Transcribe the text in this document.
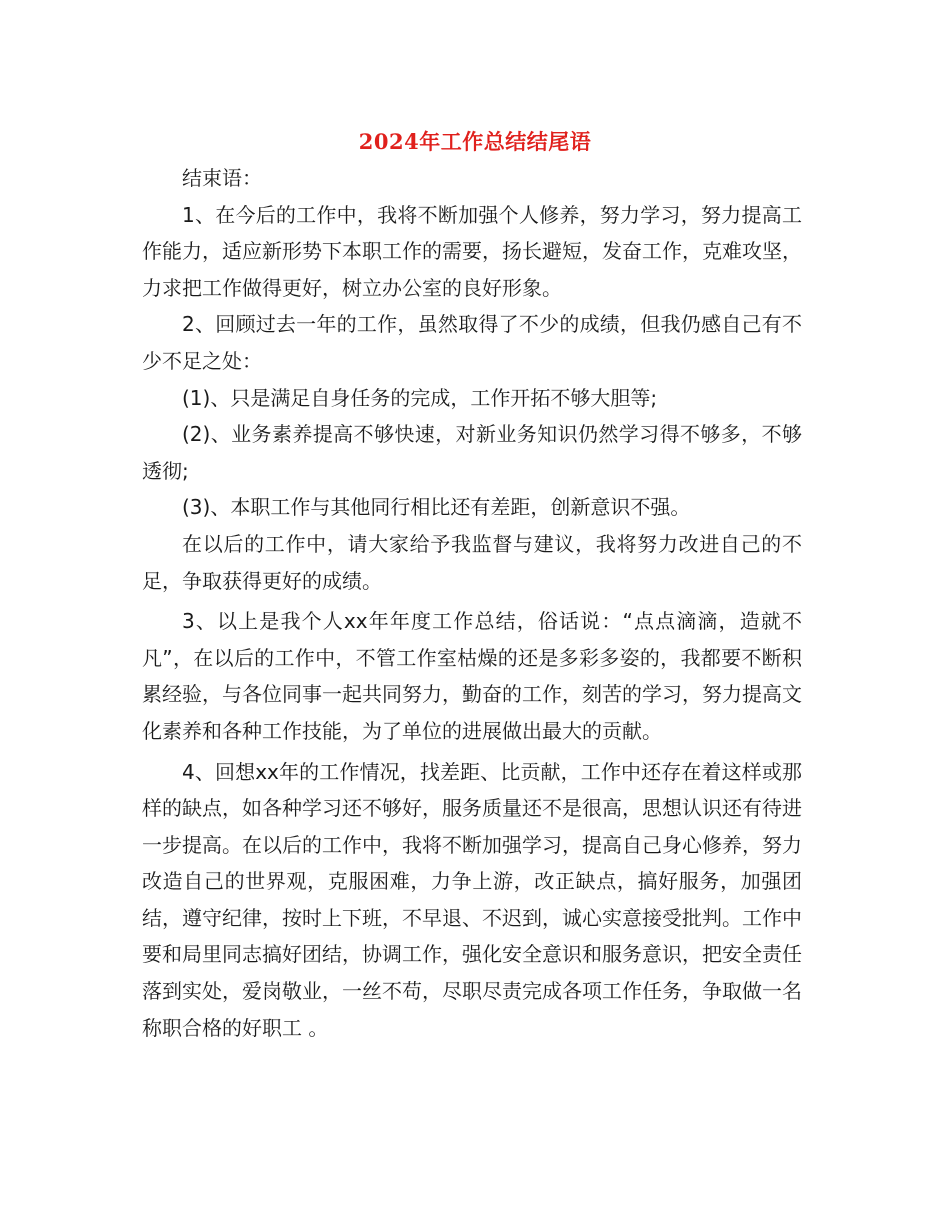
2024年工作总结结尾语

结束语：

1、在今后的工作中，我将不断加强个人修养，努力学习，努力提高工作能力，适应新形势下本职工作的需要，扬长避短，发奋工作，克难攻坚，力求把工作做得更好，树立办公室的良好形象。

2、回顾过去一年的工作，虽然取得了不少的成绩，但我仍感自己有不少不足之处：

(1)、只是满足自身任务的完成，工作开拓不够大胆等;

(2)、业务素养提高不够快速，对新业务知识仍然学习得不够多，不够透彻;

(3)、本职工作与其他同行相比还有差距，创新意识不强。

在以后的工作中，请大家给予我监督与建议，我将努力改进自己的不足，争取获得更好的成绩。

3、以上是我个人xx年年度工作总结，俗话说：“点点滴滴，造就不凡”，在以后的工作中，不管工作室枯燥的还是多彩多姿的，我都要不断积累经验，与各位同事一起共同努力，勤奋的工作，刻苦的学习，努力提高文化素养和各种工作技能，为了单位的进展做出最大的贡献。

4、回想xx年的工作情况，找差距、比贡献，工作中还存在着这样或那样的缺点，如各种学习还不够好，服务质量还不是很高，思想认识还有待进一步提高。在以后的工作中，我将不断加强学习，提高自己身心修养，努力改造自己的世界观，克服困难，力争上游，改正缺点，搞好服务，加强团结，遵守纪律，按时上下班，不早退、不迟到，诚心实意接受批判。工作中要和局里同志搞好团结，协调工作，强化安全意识和服务意识，把安全责任落到实处，爱岗敬业，一丝不苟，尽职尽责完成各项工作任务，争取做一名称职合格的好职工 。
